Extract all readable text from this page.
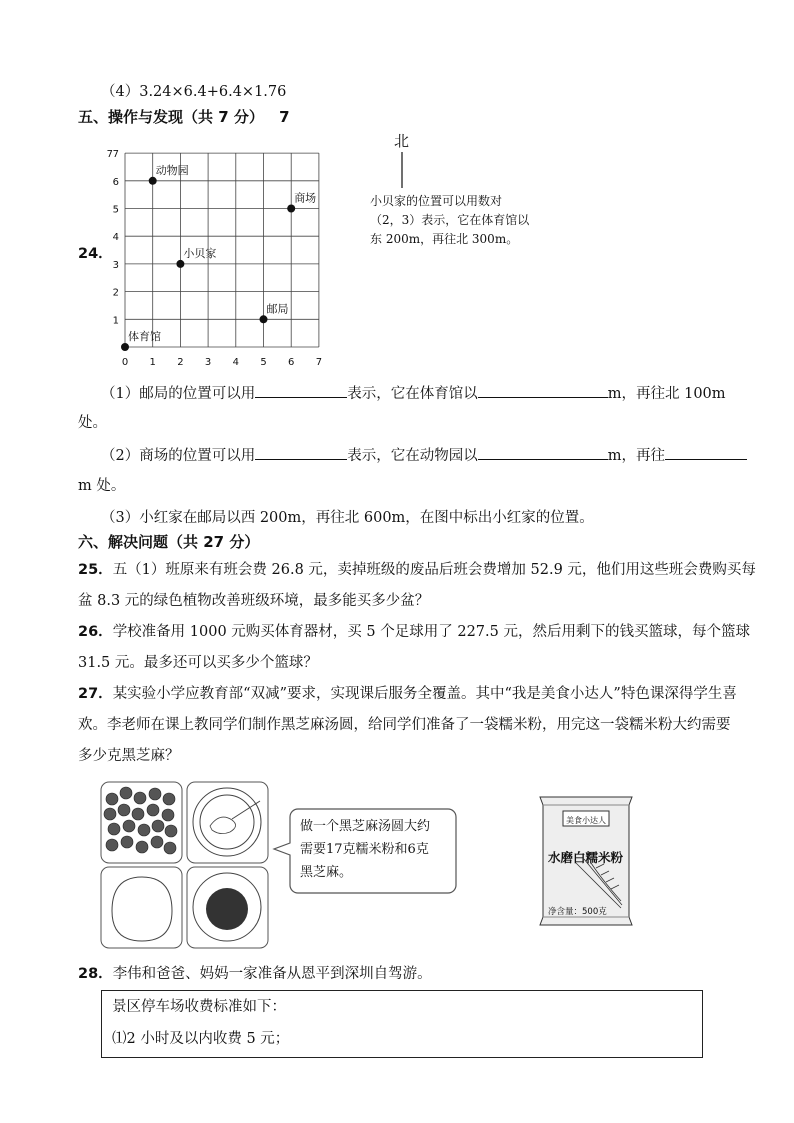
（4）3.24×6.4+6.4×1.76
五、操作与发现（共 7 分） 7
24．
0 1 2 3 4 5 6 7
1
2
3
4
5
6
7
7
动物园
商场
小贝家
邮局
体育馆
北
小贝家的位置可以用数对
（2，3）表示，它在体育馆以
东 200m，再往北 300m。
（1）邮局的位置可以用	表示，它在体育馆以	m，再往北 100m
处。
（2）商场的位置可以用	表示，它在动物园以	m，再往
m 处。
（3）小红家在邮局以西 200m，再往北 600m，在图中标出小红家的位置。
六、解决问题（共 27 分）
25．五（1）班原来有班会费 26.8 元，卖掉班级的废品后班会费增加 52.9 元，他们用这些班会费购买每
盆 8.3 元的绿色植物改善班级环境，最多能买多少盆？
26．学校准备用 1000 元购买体育器材，买 5 个足球用了 227.5 元，然后用剩下的钱买篮球，每个篮球
31.5 元。最多还可以买多少个篮球？
27．某实验小学应教育部“双减”要求，实现课后服务全覆盖。其中“我是美食小达人”特色课深得学生喜
欢。李老师在课上教同学们制作黑芝麻汤圆，给同学们准备了一袋糯米粉，用完这一袋糯米粉大约需要
多少克黑芝麻？
做一个黑芝麻汤圆大约
需要17克糯米粉和6克
黑芝麻。
美食小达人
水磨白糯米粉
净含量：500克
28．李伟和爸爸、妈妈一家准备从恩平到深圳自驾游。
景区停车场收费标准如下：
⑴2 小时及以内收费 5 元；
